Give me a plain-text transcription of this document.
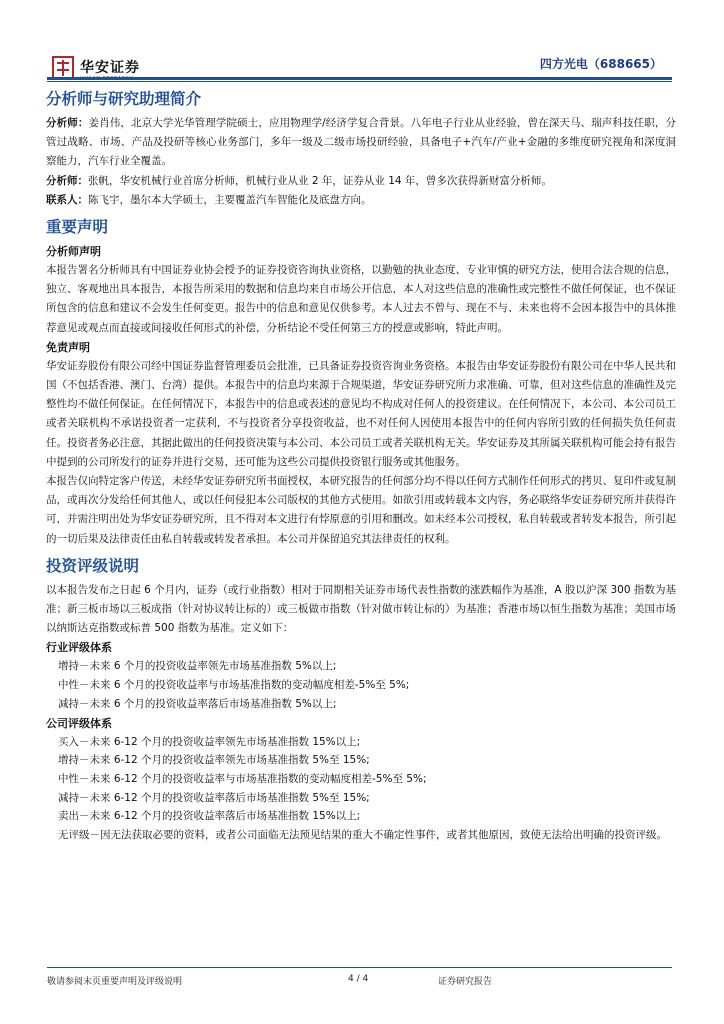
华安证券	四方光电（688665）
分析师与研究助理简介

分析师：姜肖伟，北京大学光华管理学院硕士，应用物理学/经济学复合背景。八年电子行业从业经验，曾在深天马、瑞声科技任职，分管过战略、市场、产品及投研等核心业务部门，多年一级及二级市场投研经验，具备电子+汽车/产业+金融的多维度研究视角和深度洞察能力，汽车行业全覆盖。

分析师：张帆，华安机械行业首席分析师，机械行业从业 2 年，证券从业 14 年，曾多次获得新财富分析师。

联系人：陈飞宇，墨尔本大学硕士，主要覆盖汽车智能化及底盘方向。

重要声明
分析师声明

本报告署名分析师具有中国证券业协会授予的证券投资咨询执业资格，以勤勉的执业态度、专业审慎的研究方法，使用合法合规的信息，独立、客观地出具本报告，本报告所采用的数据和信息均来自市场公开信息，本人对这些信息的准确性或完整性不做任何保证，也不保证所包含的信息和建议不会发生任何变更。报告中的信息和意见仅供参考。本人过去不曾与、现在不与、未来也将不会因本报告中的具体推荐意见或观点而直接或间接收任何形式的补偿，分析结论不受任何第三方的授意或影响，特此声明。

免责声明

华安证券股份有限公司经中国证券监督管理委员会批准，已具备证券投资咨询业务资格。本报告由华安证券股份有限公司在中华人民共和国（不包括香港、澳门、台湾）提供。本报告中的信息均来源于合规渠道，华安证券研究所力求准确、可靠，但对这些信息的准确性及完整性均不做任何保证。在任何情况下，本报告中的信息或表述的意见均不构成对任何人的投资建议。在任何情况下，本公司、本公司员工或者关联机构不承诺投资者一定获利，不与投资者分享投资收益，也不对任何人因使用本报告中的任何内容所引致的任何损失负任何责任。投资者务必注意，其据此做出的任何投资决策与本公司、本公司员工或者关联机构无关。华安证券及其所属关联机构可能会持有报告中提到的公司所发行的证券并进行交易，还可能为这些公司提供投资银行服务或其他服务。

本报告仅向特定客户传送，未经华安证券研究所书面授权，本研究报告的任何部分均不得以任何方式制作任何形式的拷贝、复印件或复制品，或再次分发给任何其他人，或以任何侵犯本公司版权的其他方式使用。如欲引用或转载本文内容，务必联络华安证券研究所并获得许可，并需注明出处为华安证券研究所，且不得对本文进行有悖原意的引用和删改。如未经本公司授权，私自转载或者转发本报告，所引起的一切后果及法律责任由私自转载或转发者承担。本公司并保留追究其法律责任的权利。

投资评级说明

以本报告发布之日起 6 个月内，证券（或行业指数）相对于同期相关证券市场代表性指数的涨跌幅作为基准，A 股以沪深 300 指数为基准；新三板市场以三板成指（针对协议转让标的）或三板做市指数（针对做市转让标的）为基准；香港市场以恒生指数为基准；美国市场以纳斯达克指数或标普 500 指数为基准。定义如下：

行业评级体系

增持－未来 6 个月的投资收益率领先市场基准指数 5%以上;

中性－未来 6 个月的投资收益率与市场基准指数的变动幅度相差-5%至 5%;

减持－未来 6 个月的投资收益率落后市场基准指数 5%以上;

公司评级体系

买入－未来 6-12 个月的投资收益率领先市场基准指数 15%以上;

增持－未来 6-12 个月的投资收益率领先市场基准指数 5%至 15%;

中性－未来 6-12 个月的投资收益率与市场基准指数的变动幅度相差-5%至 5%;

减持－未来 6-12 个月的投资收益率落后市场基准指数 5%至 15%;

卖出－未来 6-12 个月的投资收益率落后市场基准指数 15%以上;

无评级－因无法获取必要的资料，或者公司面临无法预见结果的重大不确定性事件，或者其他原因，致使无法给出明确的投资评级。

敬请参阅末页重要声明及评级说明	4 / 4	证券研究报告
